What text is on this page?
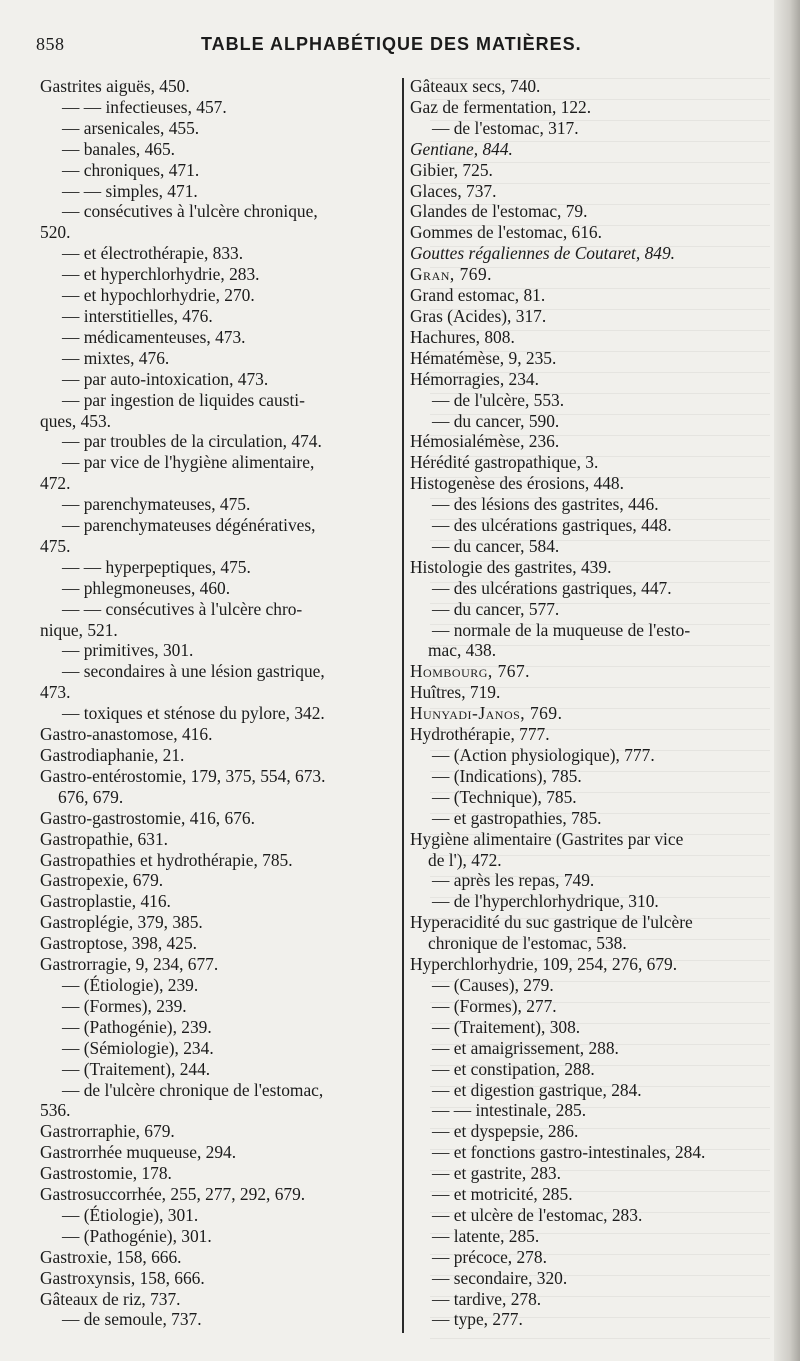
858	TABLE ALPHABÉTIQUE DES MATIÈRES.
Gastrites aiguës, 450.
— — infectieuses, 457.
— arsenicales, 455.
— banales, 465.
— chroniques, 471.
— — simples, 471.
— consécutives à l'ulcère chronique,
520.
— et électrothérapie, 833.
— et hyperchlorhydrie, 283.
— et hypochlorhydrie, 270.
— interstitielles, 476.
— médicamenteuses, 473.
— mixtes, 476.
— par auto-intoxication, 473.
— par ingestion de liquides causti-
ques, 453.
— par troubles de la circulation, 474.
— par vice de l'hygiène alimentaire,
472.
— parenchymateuses, 475.
— parenchymateuses dégénératives,
475.
— — hyperpeptiques, 475.
— phlegmoneuses, 460.
— — consécutives à l'ulcère chro-
nique, 521.
— primitives, 301.
— secondaires à une lésion gastrique,
473.
— toxiques et sténose du pylore, 342.
Gastro-anastomose, 416.
Gastrodiaphanie, 21.
Gastro-entérostomie, 179, 375, 554, 673.
676, 679.
Gastro-gastrostomie, 416, 676.
Gastropathie, 631.
Gastropathies et hydrothérapie, 785.
Gastropexie, 679.
Gastroplastie, 416.
Gastroplégie, 379, 385.
Gastroptose, 398, 425.
Gastrorragie, 9, 234, 677.
— (Étiologie), 239.
— (Formes), 239.
— (Pathogénie), 239.
— (Sémiologie), 234.
— (Traitement), 244.
— de l'ulcère chronique de l'estomac,
536.
Gastrorraphie, 679.
Gastrorrhée muqueuse, 294.
Gastrostomie, 178.
Gastrosuccorrhée, 255, 277, 292, 679.
— (Étiologie), 301.
— (Pathogénie), 301.
Gastroxie, 158, 666.
Gastroxynsis, 158, 666.
Gâteaux de riz, 737.
— de semoule, 737.
Gâteaux secs, 740.
Gaz de fermentation, 122.
— de l'estomac, 317.
Gentiane, 844.
Gibier, 725.
Glaces, 737.
Glandes de l'estomac, 79.
Gommes de l'estomac, 616.
Gouttes régaliennes de Coutaret, 849.
Gran, 769.
Grand estomac, 81.
Gras (Acides), 317.
Hachures, 808.
Hématémèse, 9, 235.
Hémorragies, 234.
— de l'ulcère, 553.
— du cancer, 590.
Hémosialémèse, 236.
Hérédité gastropathique, 3.
Histogenèse des érosions, 448.
— des lésions des gastrites, 446.
— des ulcérations gastriques, 448.
— du cancer, 584.
Histologie des gastrites, 439.
— des ulcérations gastriques, 447.
— du cancer, 577.
— normale de la muqueuse de l'esto-
mac, 438.
Hombourg, 767.
Huîtres, 719.
Hunyadi-Janos, 769.
Hydrothérapie, 777.
— (Action physiologique), 777.
— (Indications), 785.
— (Technique), 785.
— et gastropathies, 785.
Hygiène alimentaire (Gastrites par vice
de l'), 472.
— après les repas, 749.
— de l'hyperchlorhydrique, 310.
Hyperacidité du suc gastrique de l'ulcère
chronique de l'estomac, 538.
Hyperchlorhydrie, 109, 254, 276, 679.
— (Causes), 279.
— (Formes), 277.
— (Traitement), 308.
— et amaigrissement, 288.
— et constipation, 288.
— et digestion gastrique, 284.
— — intestinale, 285.
— et dyspepsie, 286.
— et fonctions gastro-intestinales, 284.
— et gastrite, 283.
— et motricité, 285.
— et ulcère de l'estomac, 283.
— latente, 285.
— précoce, 278.
— secondaire, 320.
— tardive, 278.
— type, 277.
